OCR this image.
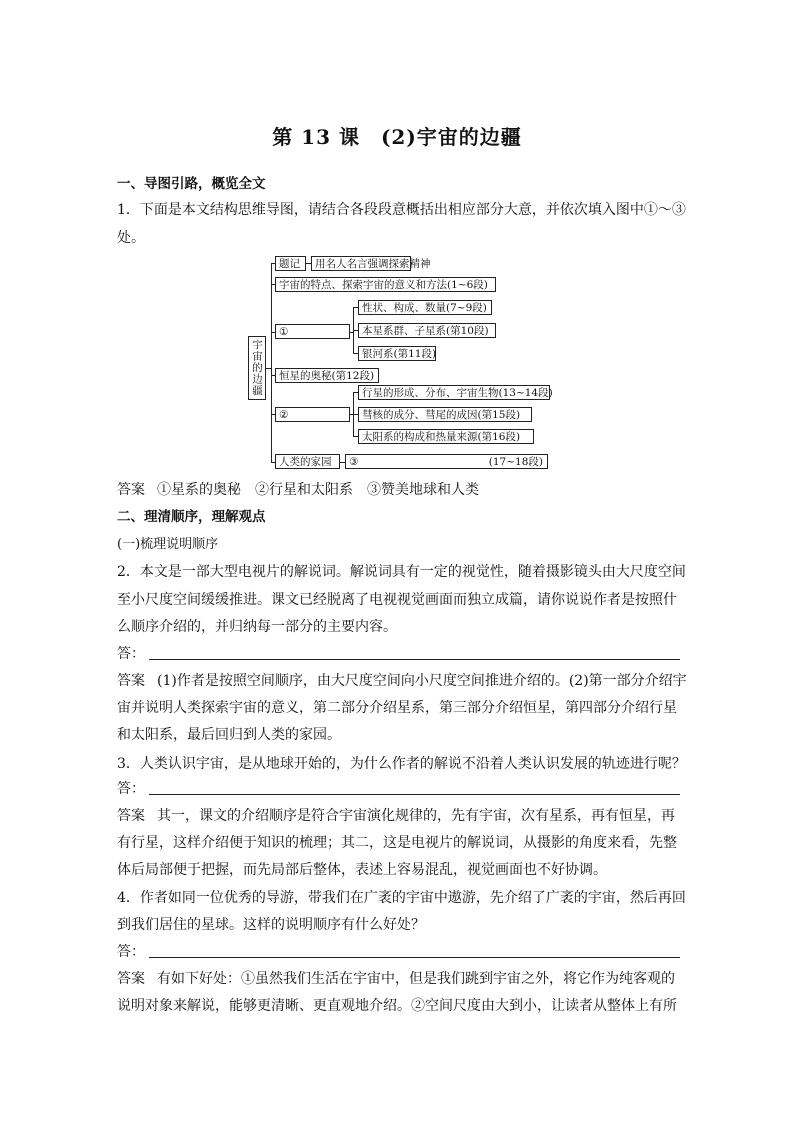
第 13 课　(2)宇宙的边疆
一、导图引路，概览全文
1．下面是本文结构思维导图，请结合各段段意概括出相应部分大意，并依次填入图中①～③
处。
宇宙的边疆
题记	用名人名言强调探索精神
宇宙的特点、探索宇宙的意义和方法(1~6段)
①
性状、构成、数量(7~9段)
本星系群、子星系(第10段)
银河系(第11段)
恒星的奥秘(第12段)
②
行星的形成、分布、宇宙生物(13~14段)
彗核的成分、彗尾的成因(第15段)
太阳系的构成和热量来源(第16段)
人类的家园	③	(17~18段)
答案 ①星系的奥秘　②行星和太阳系　③赞美地球和人类
二、理清顺序，理解观点
(一)梳理说明顺序
2．本文是一部大型电视片的解说词。解说词具有一定的视觉性，随着摄影镜头由大尺度空间
至小尺度空间缓缓推进。课文已经脱离了电视视觉画面而独立成篇，请你说说作者是按照什
么顺序介绍的，并归纳每一部分的主要内容。
答：
答案 (1)作者是按照空间顺序，由大尺度空间向小尺度空间推进介绍的。(2)第一部分介绍宇
宙并说明人类探索宇宙的意义，第二部分介绍星系，第三部分介绍恒星，第四部分介绍行星
和太阳系，最后回归到人类的家园。
3．人类认识宇宙，是从地球开始的，为什么作者的解说不沿着人类认识发展的轨迹进行呢？
答：
答案 其一，课文的介绍顺序是符合宇宙演化规律的，先有宇宙，次有星系，再有恒星，再
有行星，这样介绍便于知识的梳理；其二，这是电视片的解说词，从摄影的角度来看，先整
体后局部便于把握，而先局部后整体，表述上容易混乱，视觉画面也不好协调。
4．作者如同一位优秀的导游，带我们在广袤的宇宙中遨游，先介绍了广袤的宇宙，然后再回
到我们居住的星球。这样的说明顺序有什么好处？
答：
答案 有如下好处：①虽然我们生活在宇宙中，但是我们跳到宇宙之外，将它作为纯客观的
说明对象来解说，能够更清晰、更直观地介绍。②空间尺度由大到小，让读者从整体上有所
